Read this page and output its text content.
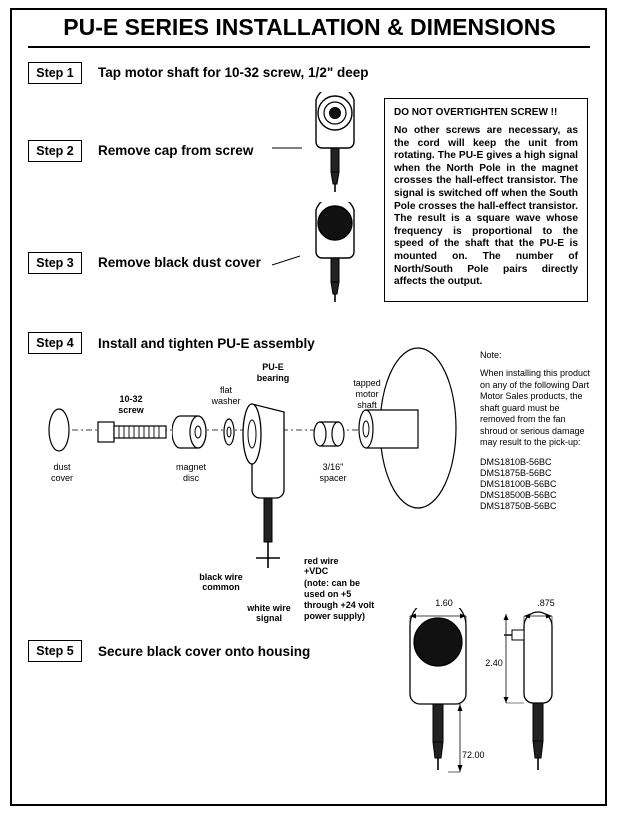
PU-E SERIES INSTALLATION & DIMENSIONS
Step 1	Tap motor shaft for 10-32 screw, 1/2" deep
Step 2	Remove cap from screw
Step 3	Remove black dust cover
Step 4	Install and tighten PU-E assembly
Step 5	Secure black cover onto housing
DO NOT OVERTIGHTEN SCREW !!
No other screws are necessary, as the cord will keep the unit from rotating. The PU-E gives a high signal when the North Pole in the magnet crosses the hall-effect transistor. The signal is switched off when the South Pole crosses the hall-effect transistor. The result is a square wave whose frequency is proportional to the speed of the shaft that the PU-E is mounted on. The number of North/South Pole pairs directly affects the output.
dust
cover
10-32
screw
magnet
disc
flat
washer
PU-E
bearing
3/16"
spacer
tapped
motor
shaft
black wire
common
white wire
signal
red wire
+VDC
(note: can be used on +5 through +24 volt power supply)
Note:
When installing this product on any of the following Dart Motor Sales products, the shaft guard must be removed from the fan shroud or serious damage may result to the pick-up:
DMS1810B-56BC
DMS1875B-56BC
DMS18100B-56BC
DMS18500B-56BC
DMS18750B-56BC
1.60	.875
2.40
72.00
